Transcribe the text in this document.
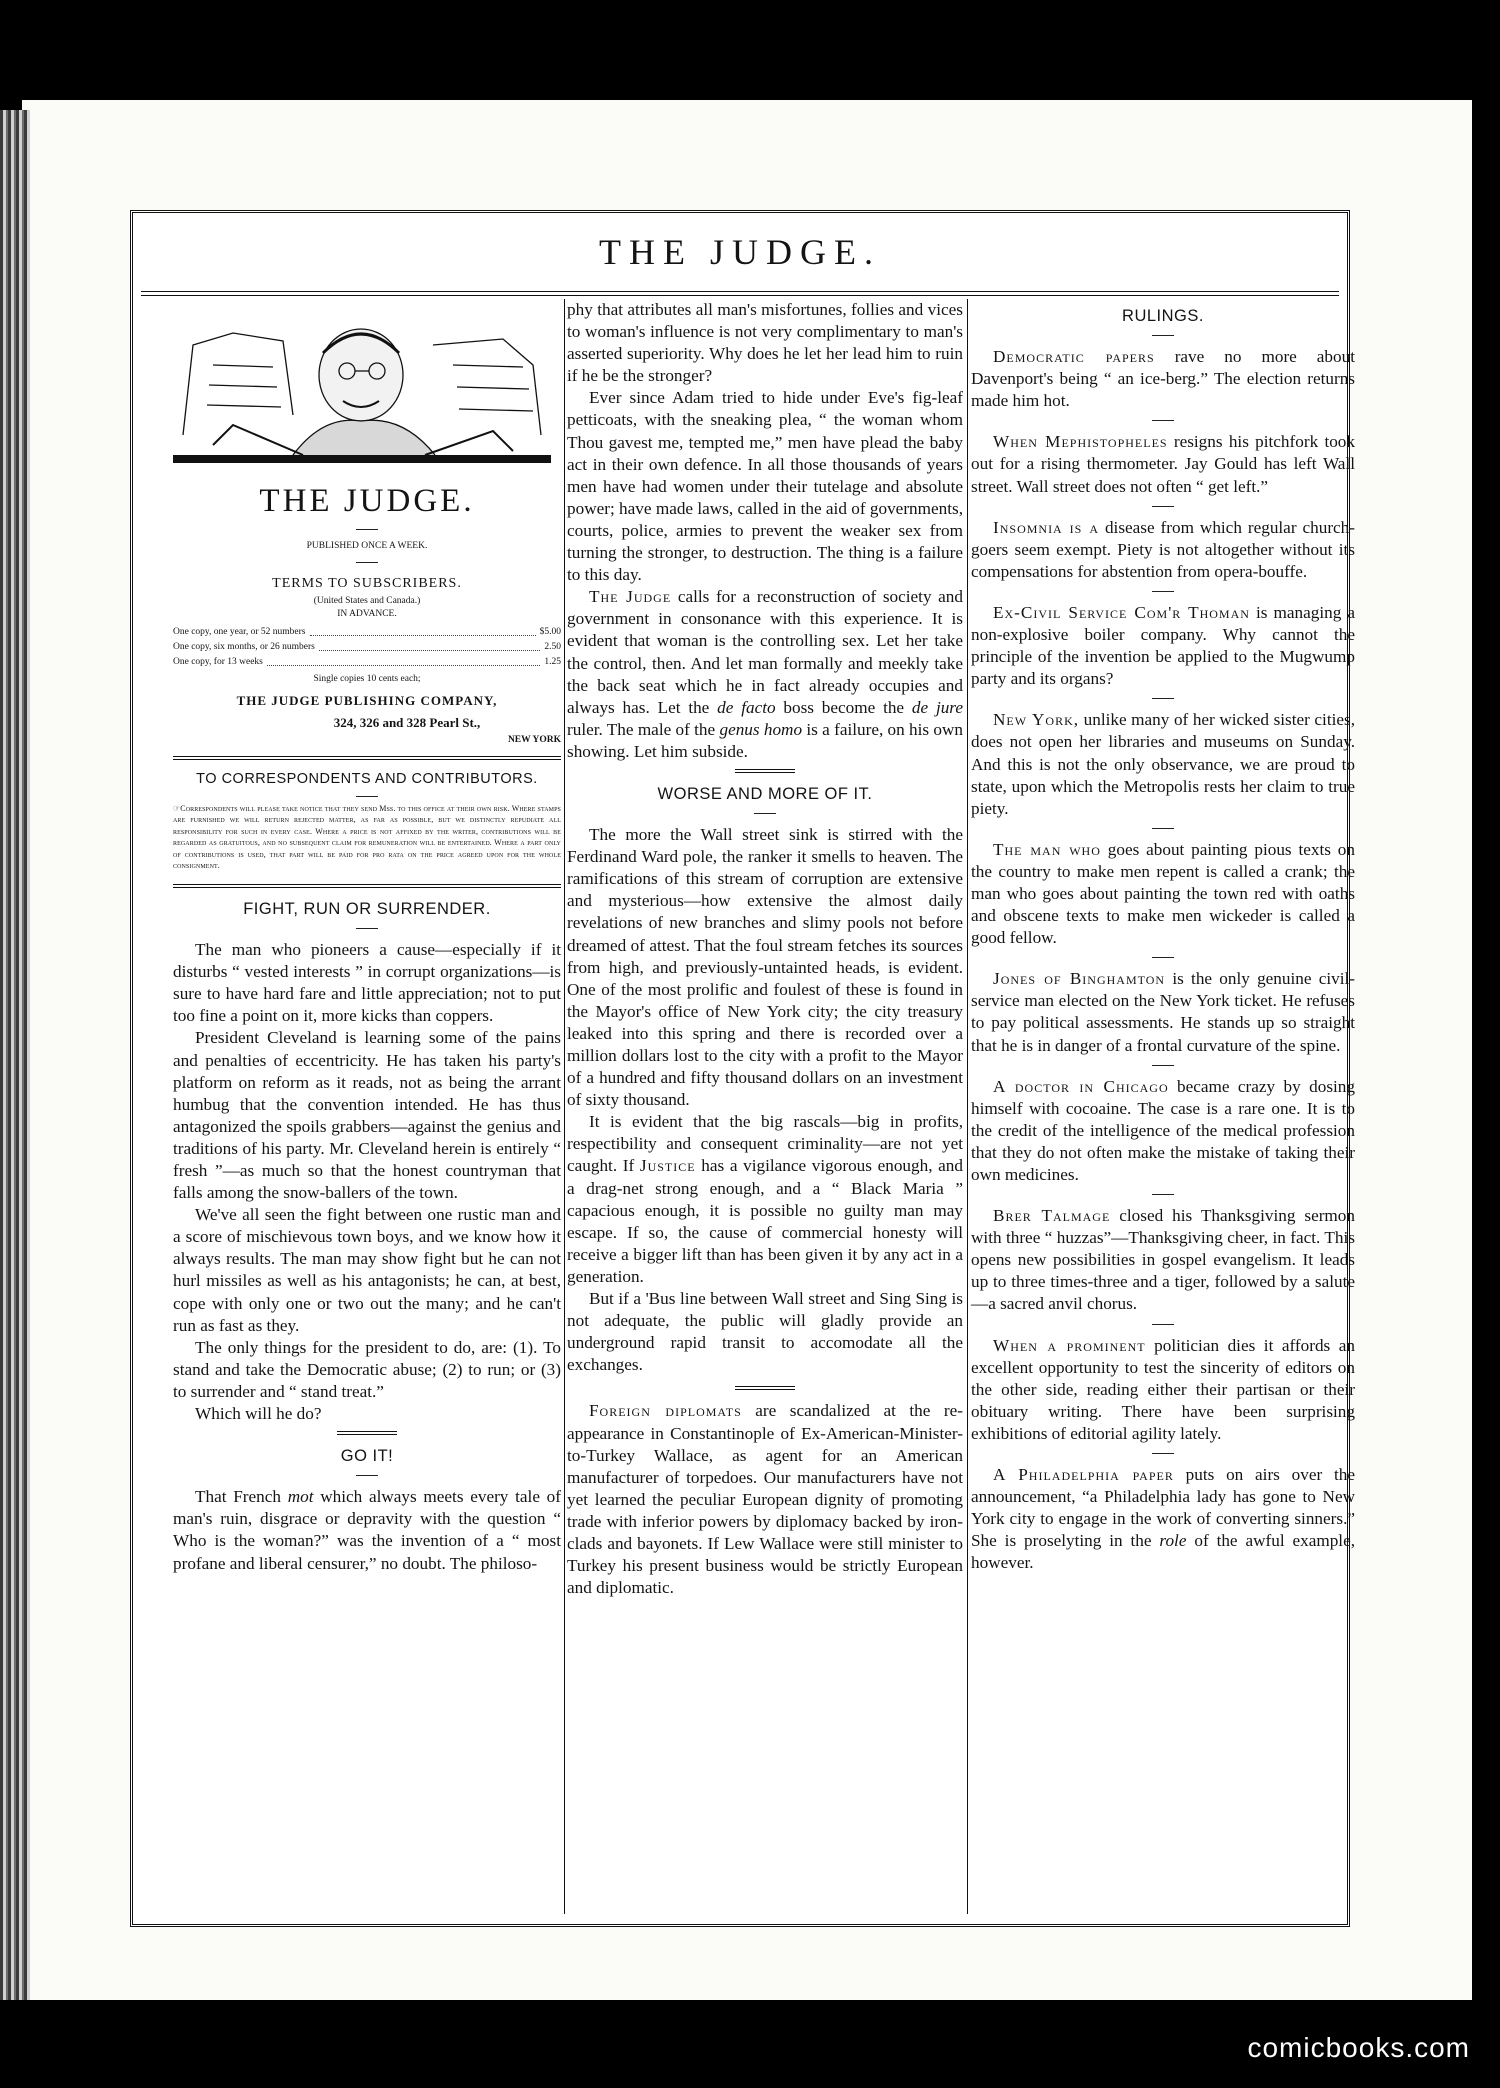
THE JUDGE.
THE JUDGE.
PUBLISHED ONCE A WEEK.
TERMS TO SUBSCRIBERS.
(United States and Canada.)
IN ADVANCE.
One copy, one year, or 52 numbers	$5.00
One copy, six months, or 26 numbers	2.50
One copy, for 13 weeks	1.25
Single copies 10 cents each;
THE JUDGE PUBLISHING COMPANY,
324, 326 and 328 Pearl St.,
NEW YORK
TO CORRESPONDENTS AND CONTRIBUTORS.
☞Correspondents will please take notice that they send Mss. to this office at their own risk. Where stamps are furnished we will return rejected matter, as far as possible, but we distinctly repudiate all responsibility for such in every case. Where a price is not affixed by the writer, contributions will be regarded as gratuitous, and no subsequent claim for remuneration will be entertained. Where a part only of contributions is used, that part will be paid for pro rata on the price agreed upon for the whole consignment.
FIGHT, RUN OR SURRENDER.

The man who pioneers a cause—especially if it disturbs “ vested interests ” in corrupt organizations—is sure to have hard fare and little appreciation; not to put too fine a point on it, more kicks than coppers.

President Cleveland is learning some of the pains and penalties of eccentricity. He has taken his party's platform on reform as it reads, not as being the arrant humbug that the convention intended. He has thus antagonized the spoils grabbers—against the genius and traditions of his party. Mr. Cleveland herein is entirely “ fresh ”—as much so that the honest countryman that falls among the snow-ballers of the town.

We've all seen the fight between one rustic man and a score of mischievous town boys, and we know how it always results. The man may show fight but he can not hurl missiles as well as his antagonists; he can, at best, cope with only one or two out the many; and he can't run as fast as they.

The only things for the president to do, are: (1). To stand and take the Democratic abuse; (2) to run; or (3) to surrender and “ stand treat.”

Which will he do?

GO IT!

That French mot which always meets every tale of man's ruin, disgrace or depravity with the question “ Who is the woman?” was the invention of a “ most profane and liberal censurer,” no doubt. The philoso-

phy that attributes all man's misfortunes, follies and vices to woman's influence is not very complimentary to man's asserted superiority. Why does he let her lead him to ruin if he be the stronger?

Ever since Adam tried to hide under Eve's fig-leaf petticoats, with the sneaking plea, “ the woman whom Thou gavest me, tempted me,” men have plead the baby act in their own defence. In all those thousands of years men have had women under their tutelage and absolute power; have made laws, called in the aid of governments, courts, police, armies to prevent the weaker sex from turning the stronger, to destruction. The thing is a failure to this day.

The Judge calls for a reconstruction of society and government in consonance with this experience. It is evident that woman is the controlling sex. Let her take the control, then. And let man formally and meekly take the back seat which he in fact already occupies and always has. Let the de facto boss become the de jure ruler. The male of the genus homo is a failure, on his own showing. Let him subside.

WORSE AND MORE OF IT.

The more the Wall street sink is stirred with the Ferdinand Ward pole, the ranker it smells to heaven. The ramifications of this stream of corruption are extensive and mysterious—how extensive the almost daily revelations of new branches and slimy pools not before dreamed of attest. That the foul stream fetches its sources from high, and previously-untainted heads, is evident. One of the most prolific and foulest of these is found in the Mayor's office of New York city; the city treasury leaked into this spring and there is recorded over a million dollars lost to the city with a profit to the Mayor of a hundred and fifty thousand dollars on an investment of sixty thousand.

It is evident that the big rascals—big in profits, respectibility and consequent criminality—are not yet caught. If Justice has a vigilance vigorous enough, and a drag-net strong enough, and a “ Black Maria ” capacious enough, it is possible no guilty man may escape. If so, the cause of commercial honesty will receive a bigger lift than has been given it by any act in a generation.

But if a 'Bus line between Wall street and Sing Sing is not adequate, the public will gladly provide an underground rapid transit to accomodate all the exchanges.

Foreign diplomats are scandalized at the re-appearance in Constantinople of Ex-American-Minister-to-Turkey Wallace, as agent for an American manufacturer of torpedoes. Our manufacturers have not yet learned the peculiar European dignity of promoting trade with inferior powers by diplomacy backed by iron-clads and bayonets. If Lew Wallace were still minister to Turkey his present business would be strictly European and diplomatic.

RULINGS.

Democratic papers rave no more about Davenport's being “ an ice-berg.” The election returns made him hot.

When Mephistopheles resigns his pitchfork took out for a rising thermometer. Jay Gould has left Wall street. Wall street does not often “ get left.”

Insomnia is a disease from which regular church-goers seem exempt. Piety is not altogether without its compensations for abstention from opera-bouffe.

Ex-Civil Service Com'r Thoman is managing a non-explosive boiler company. Why cannot the principle of the invention be applied to the Mugwump party and its organs?

New York, unlike many of her wicked sister cities, does not open her libraries and museums on Sunday. And this is not the only observance, we are proud to state, upon which the Metropolis rests her claim to true piety.

The man who goes about painting pious texts on the country to make men repent is called a crank; the man who goes about painting the town red with oaths and obscene texts to make men wickeder is called a good fellow.

Jones of Binghamton is the only genuine civil-service man elected on the New York ticket. He refuses to pay political assessments. He stands up so straight that he is in danger of a frontal curvature of the spine.

A doctor in Chicago became crazy by dosing himself with cocoaine. The case is a rare one. It is to the credit of the intelligence of the medical profession that they do not often make the mistake of taking their own medicines.

Brer Talmage closed his Thanksgiving sermon with three “ huzzas”—Thanksgiving cheer, in fact. This opens new possibilities in gospel evangelism. It leads up to three times-three and a tiger, followed by a salute—a sacred anvil chorus.

When a prominent politician dies it affords an excellent opportunity to test the sincerity of editors on the other side, reading either their partisan or their obituary writing. There have been surprising exhibitions of editorial agility lately.

A Philadelphia paper puts on airs over the announcement, “a Philadelphia lady has gone to New York city to engage in the work of converting sinners.” She is proselyting in the role of the awful example, however.

comicbooks.com
